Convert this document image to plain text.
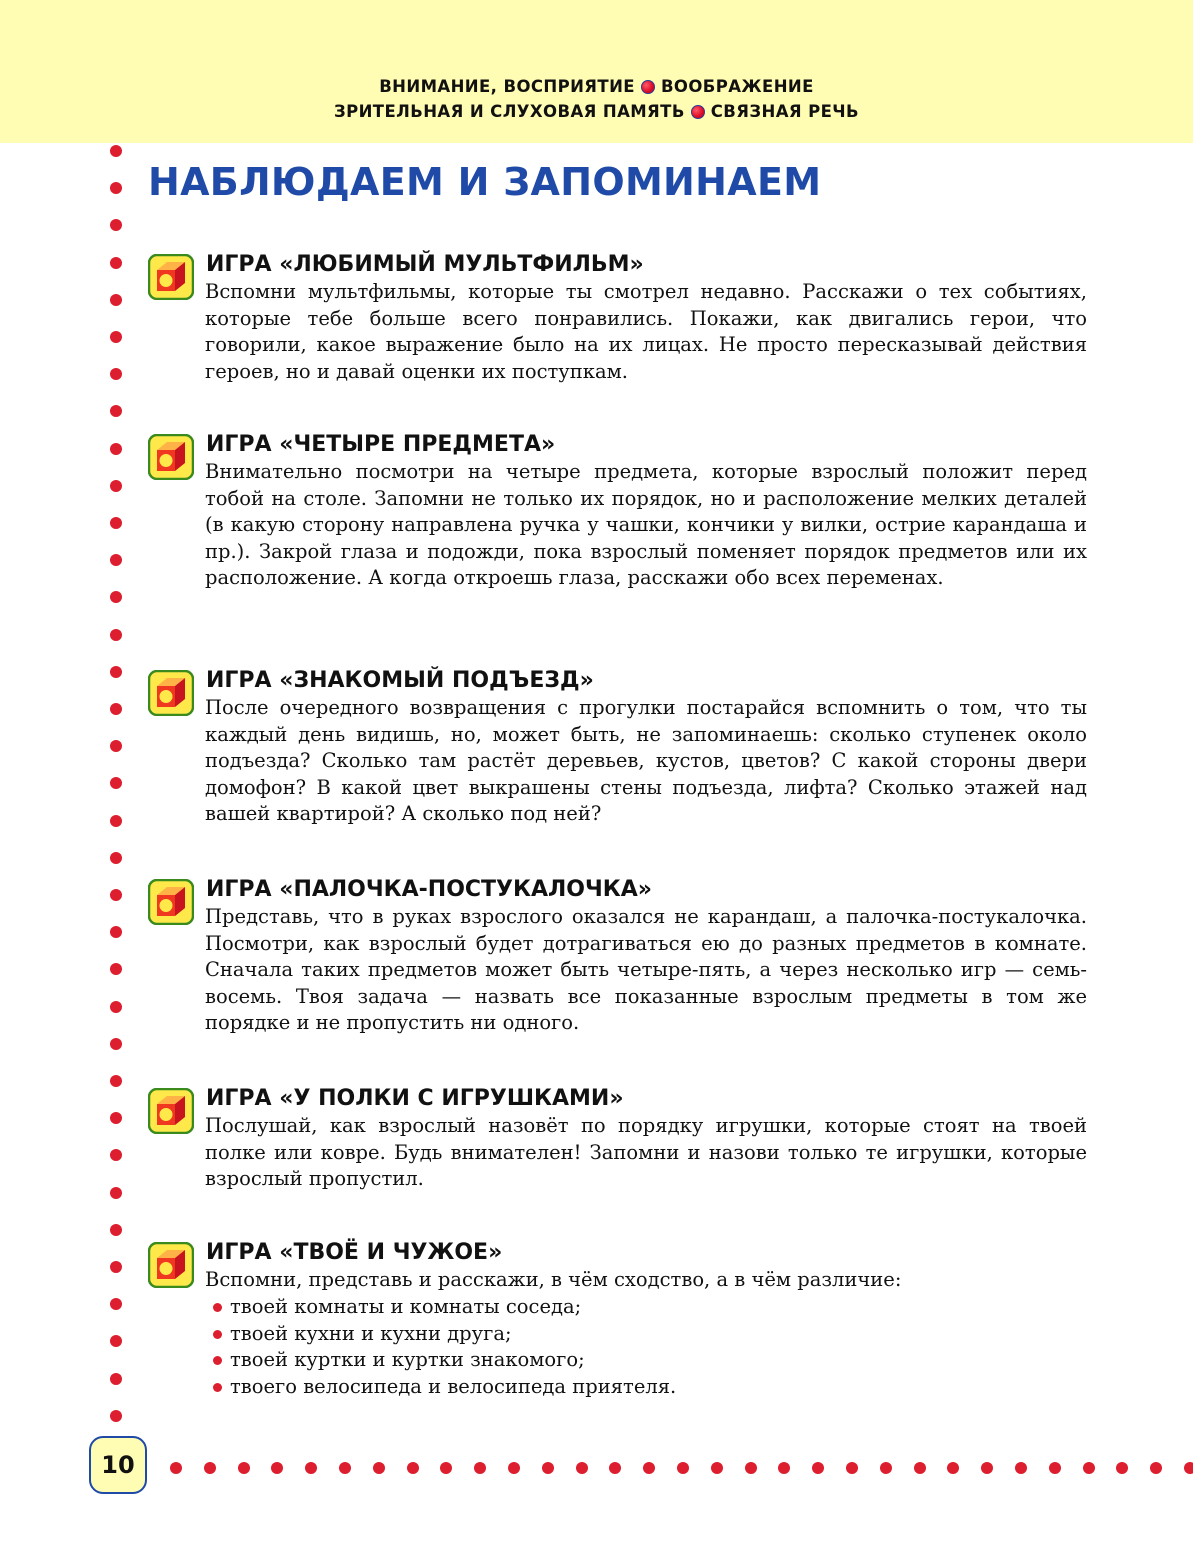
ВНИМАНИЕ, ВОСПРИЯТИЕ ВООБРАЖЕНИЕ
ЗРИТЕЛЬНАЯ И СЛУХОВАЯ ПАМЯТЬ СВЯЗНАЯ РЕЧЬ
НАБЛЮДАЕМ И ЗАПОМИНАЕМ
ИГРА «ЛЮБИМЫЙ МУЛЬТФИЛЬМ»

Вспомни мультфильмы, которые ты смотрел недавно. Расскажи о тех событиях, которые тебе больше всего понравились. Покажи, как двигались герои, что говорили, какое выражение было на их лицах. Не просто пересказывай действия героев, но и давай оценки их поступкам.

ИГРА «ЧЕТЫРЕ ПРЕДМЕТА»

Внимательно посмотри на четыре предмета, которые взрослый положит перед тобой на столе. Запомни не только их порядок, но и расположение мелких деталей (в какую сторону направлена ручка у чашки, кончики у вилки, острие карандаша и пр.). Закрой глаза и подожди, пока взрослый поменяет порядок предметов или их расположение. А когда откроешь глаза, расскажи обо всех переменах.

ИГРА «ЗНАКОМЫЙ ПОДЪЕЗД»

После очередного возвращения с прогулки постарайся вспомнить о том, что ты каждый день видишь, но, может быть, не запоминаешь: сколько ступенек около подъезда? Сколько там растёт деревьев, кустов, цветов? С какой стороны двери домофон? В какой цвет выкрашены стены подъезда, лифта? Сколько этажей над вашей квартирой? А сколько под ней?

ИГРА «ПАЛОЧКА-ПОСТУКАЛОЧКА»

Представь, что в руках взрослого оказался не карандаш, а палочка-постукалочка. Посмотри, как взрослый будет дотрагиваться ею до разных предметов в комнате. Сначала таких предметов может быть четыре-пять, а через несколько игр — семь-восемь. Твоя задача — назвать все показанные взрослым предметы в том же порядке и не пропустить ни одного.

ИГРА «У ПОЛКИ С ИГРУШКАМИ»

Послушай, как взрослый назовёт по порядку игрушки, которые стоят на твоей полке или ковре. Будь внимателен! Запомни и назови только те игрушки, которые взрослый пропустил.

ИГРА «ТВОЁ И ЧУЖОЕ»

Вспомни, представь и расскажи, в чём сходство, а в чём различие:

твоей комнаты и комнаты соседа;
твоей кухни и кухни друга;
твоей куртки и куртки знакомого;
твоего велосипеда и велосипеда приятеля.
10
